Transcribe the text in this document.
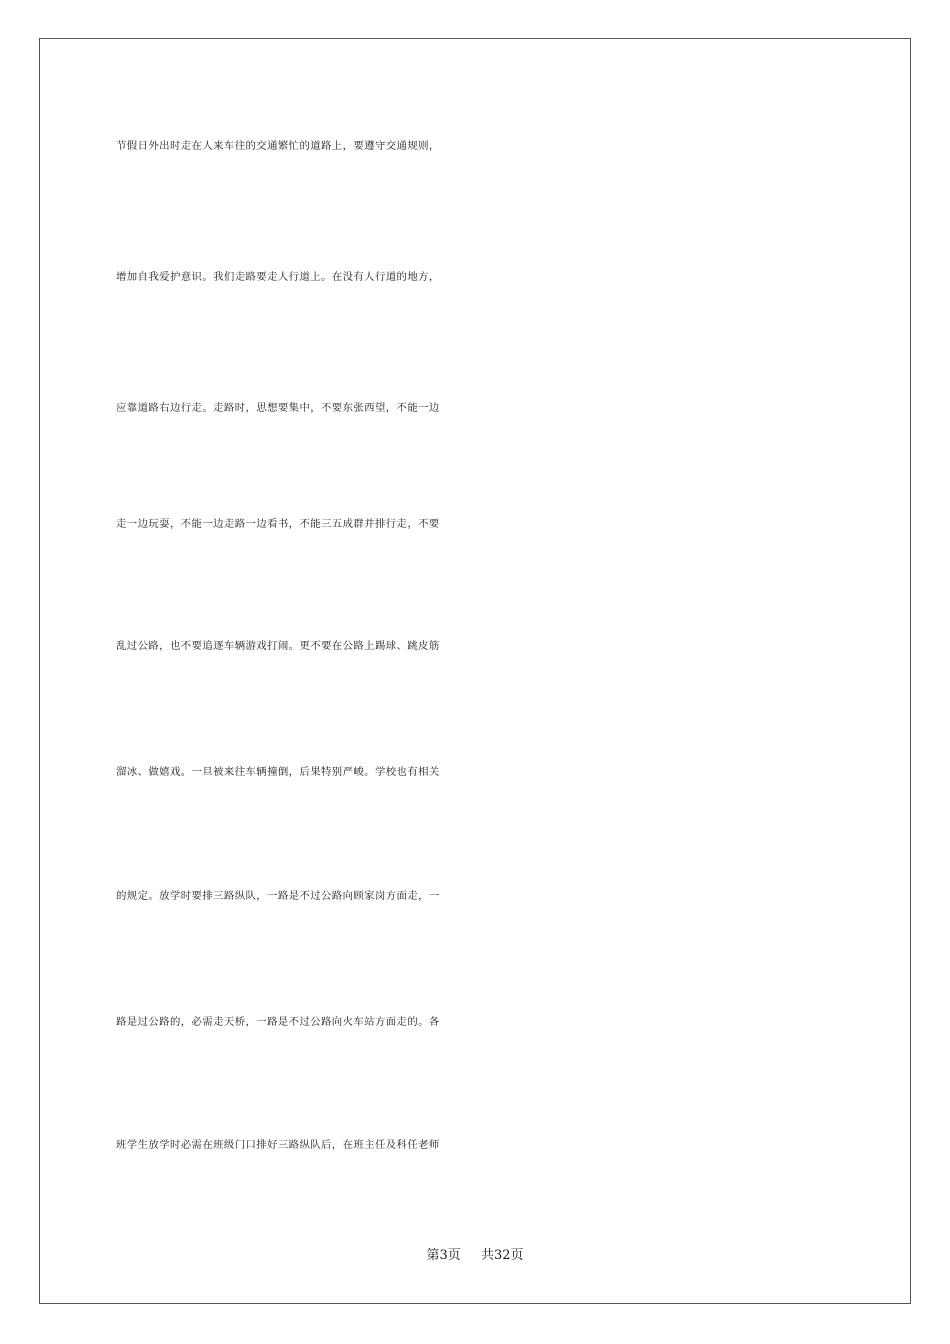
节假日外出时走在人来车往的交通繁忙的道路上，要遵守交通规则，
增加自我爱护意识。我们走路要走人行道上。在没有人行道的地方，
应靠道路右边行走。走路时，思想要集中，不要东张西望，不能一边
走一边玩耍，不能一边走路一边看书，不能三五成群并排行走，不要
乱过公路，也不要追逐车辆游戏打闹。更不要在公路上踢球、跳皮筋
溜冰、做嬉戏。一旦被来往车辆撞倒，后果特别严峻。学校也有相关
的规定。放学时要排三路纵队，一路是不过公路向顾家岗方面走，一
路是过公路的，必需走天桥，一路是不过公路向火车站方面走的。各
班学生放学时必需在班级门口排好三路纵队后，在班主任及科任老师
第3页 共32页
